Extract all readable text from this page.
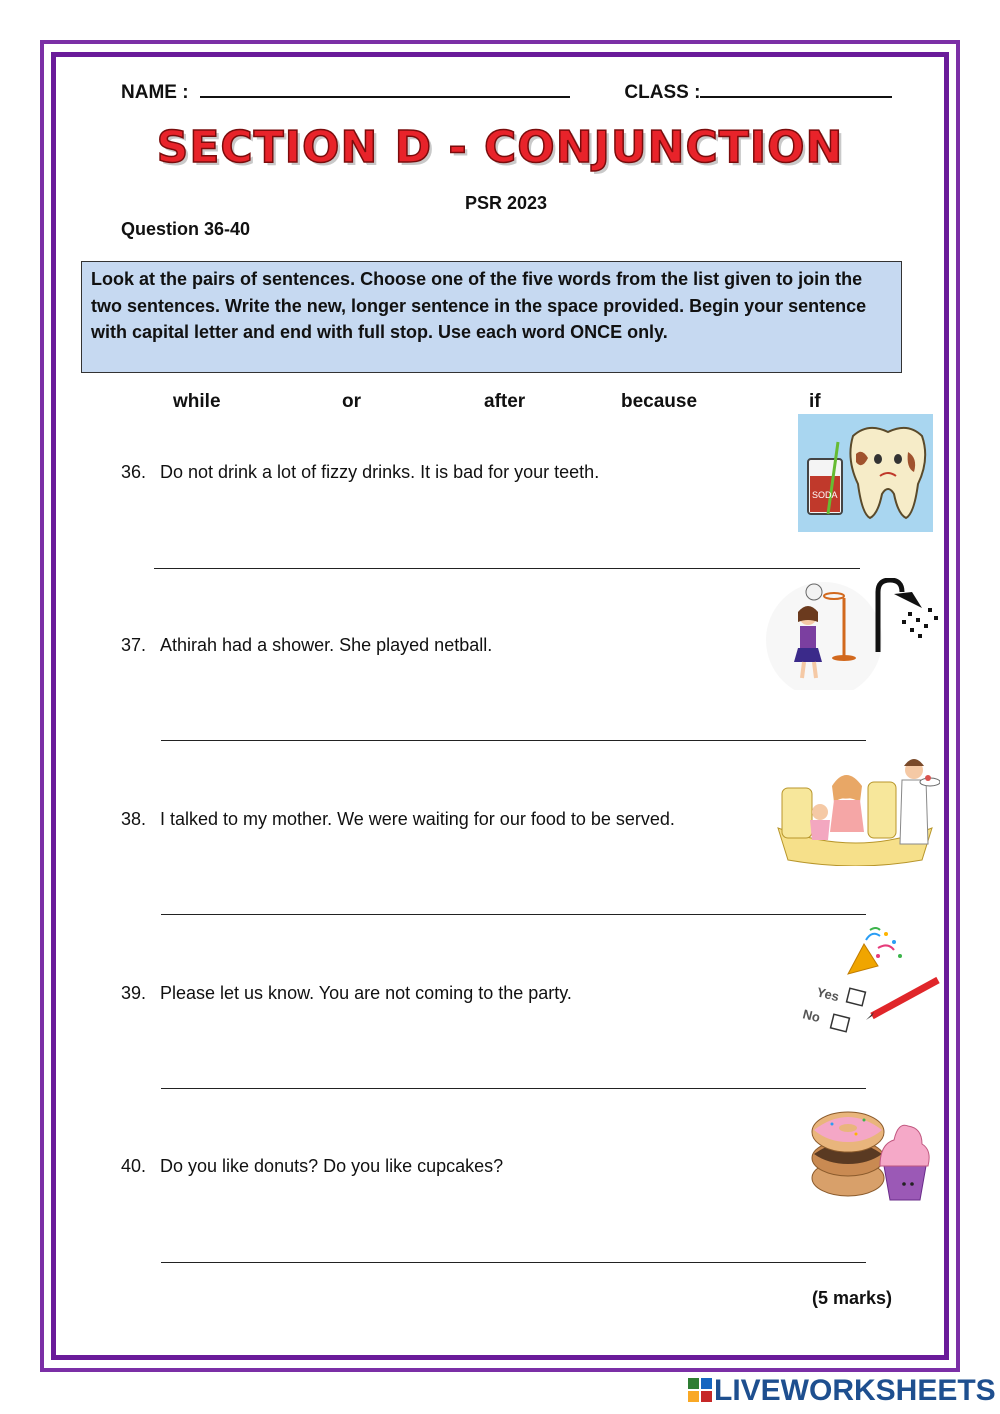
NAME :	CLASS :
SECTION D - CONJUNCTION
PSR 2023
Question 36-40
Look at the pairs of sentences. Choose one of the five words from the list given to join the two sentences. Write the new, longer sentence in the space provided. Begin your sentence with capital letter and end with full stop. Use each word ONCE only.
while	or	after	because	if
36. Do not drink a lot of fizzy drinks. It is bad for your teeth.
37. Athirah had a shower. She played netball.
38. I talked to my mother. We were waiting for our food to be served.
39. Please let us know. You are not coming to the party.
40. Do you like donuts? Do you like cupcakes?
(5 marks)
SODA
Yes
No
LIVEWORKSHEETS
